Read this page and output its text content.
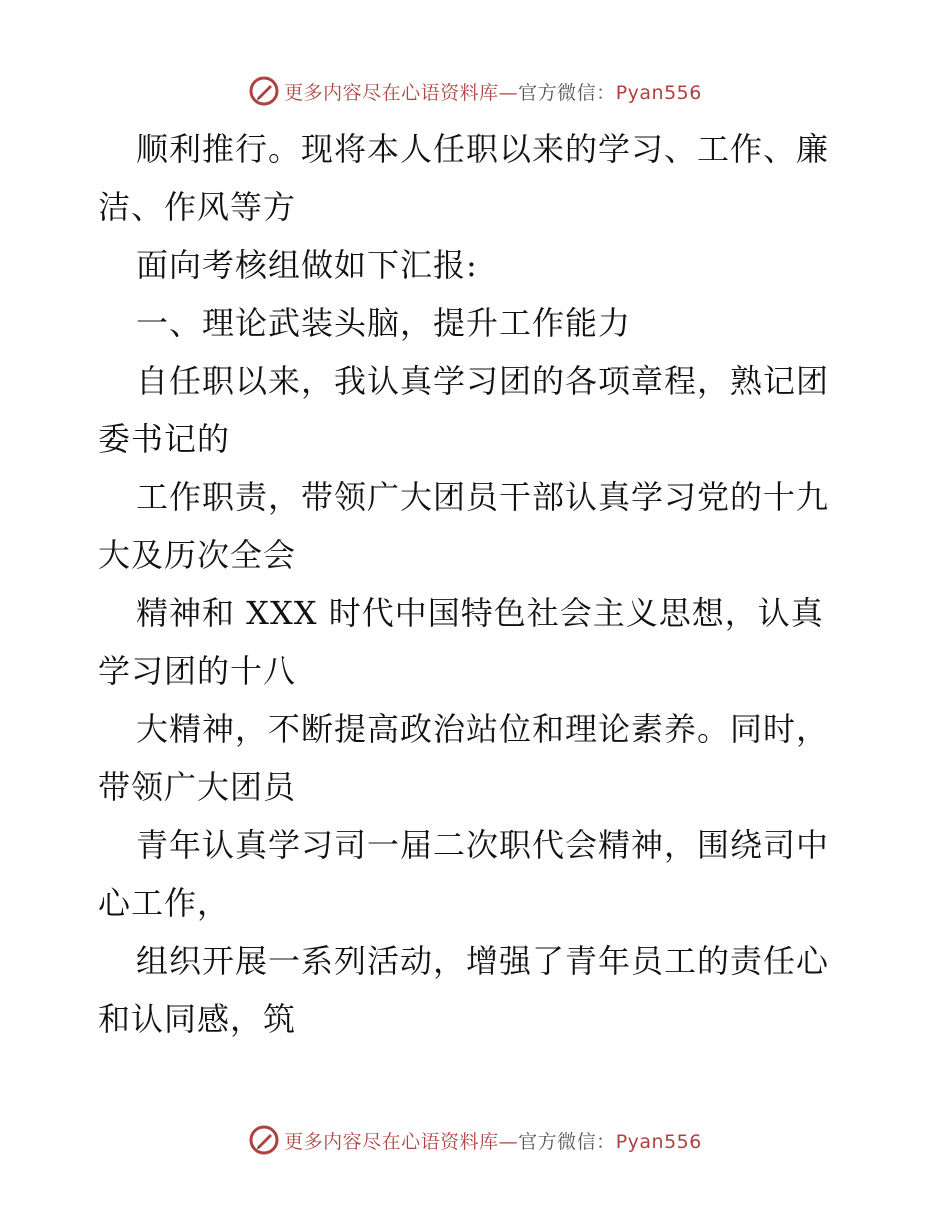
更多内容尽在心语资料库—官方微信：Pyan556
顺利推行。现将本人任职以来的学习、工作、廉
洁、作风等方
面向考核组做如下汇报:
一、理论武装头脑，提升工作能力
自任职以来，我认真学习团的各项章程，熟记团
委书记的
工作职责，带领广大团员干部认真学习党的十九
大及历次全会
精神和 XXX 时代中国特色社会主义思想，认真
学习团的十八
大精神，不断提高政治站位和理论素养。同时，
带领广大团员
青年认真学习司一届二次职代会精神，围绕司中
心工作，
组织开展一系列活动，增强了青年员工的责任心
和认同感，筑
更多内容尽在心语资料库—官方微信：Pyan556
